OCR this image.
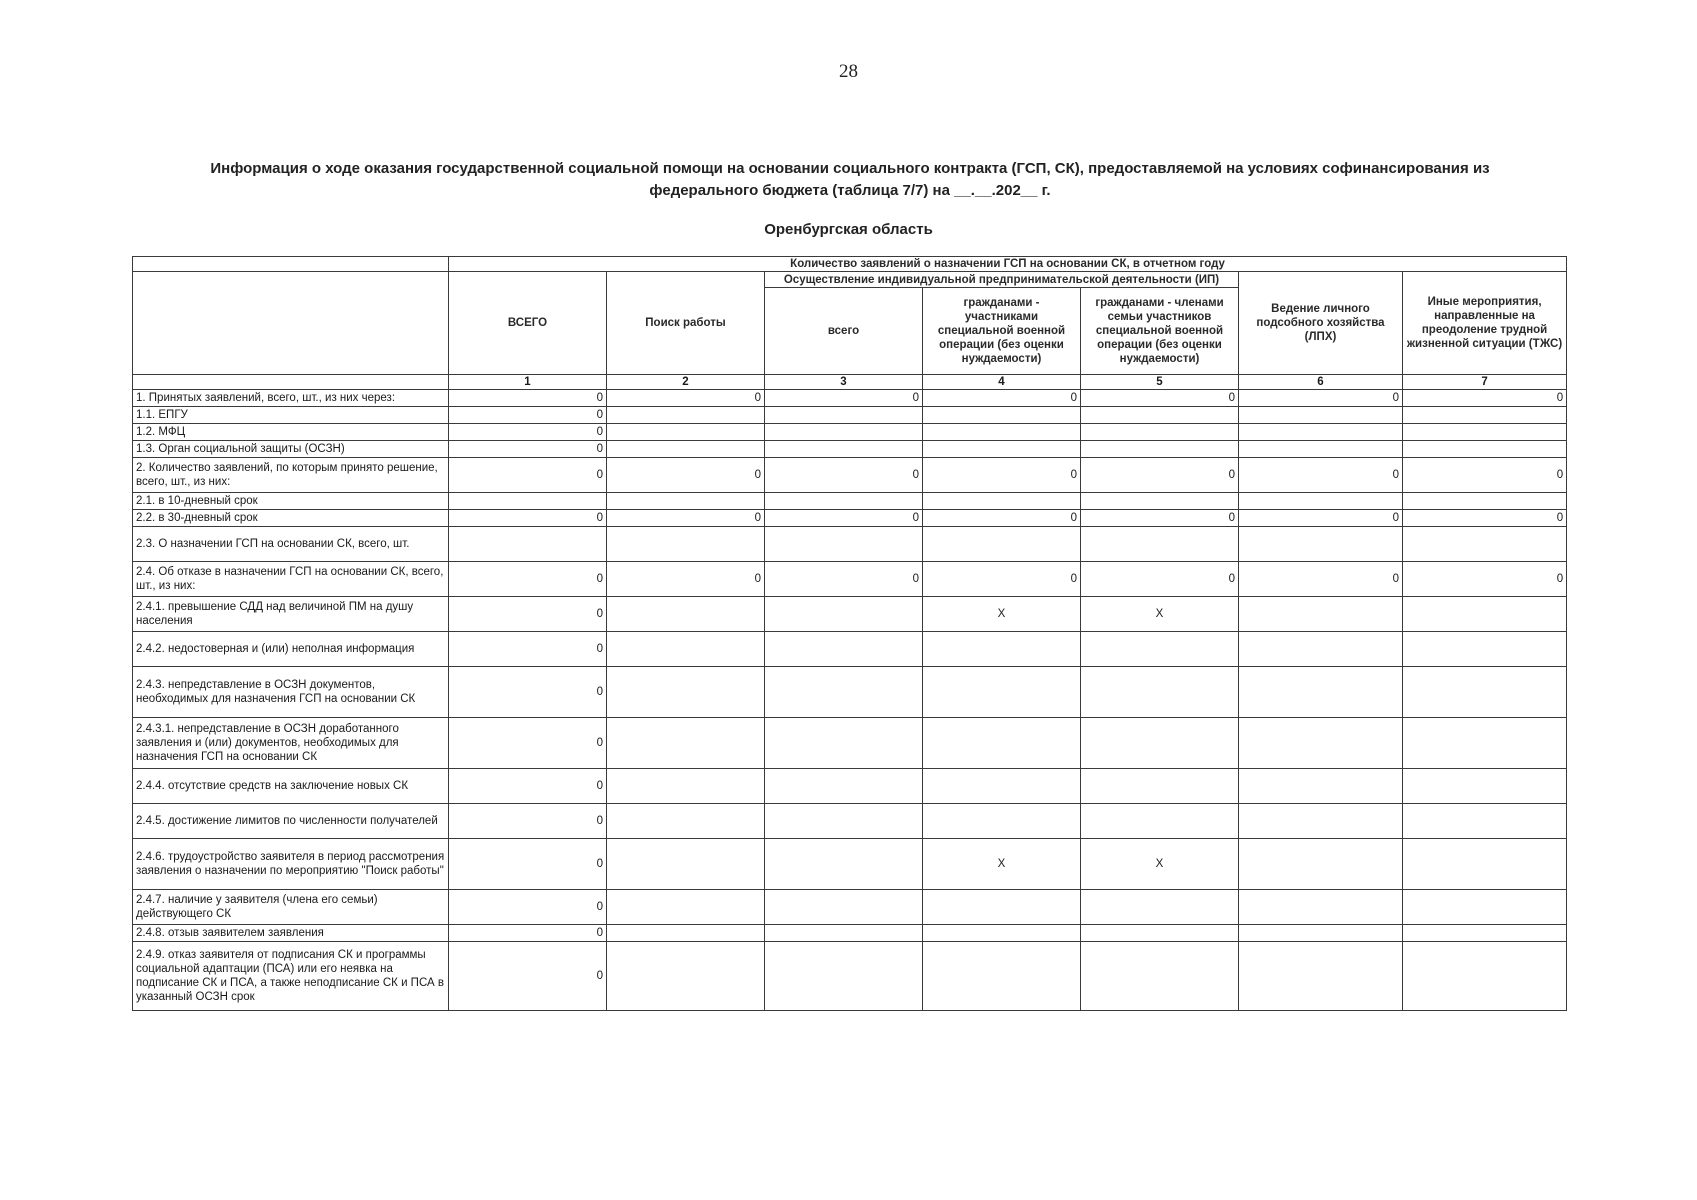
28
Информация о ходе оказания государственной социальной помощи на основании социального контракта (ГСП, СК), предоставляемой на условиях софинансирования из
федерального бюджета (таблица 7/7) на __.__.202__ г.
Оренбургская область
	Количество заявлений о назначении ГСП на основании СК, в отчетном году						
	ВСЕГО	Поиск работы	Осуществление индивидуальной предпринимательской деятельности (ИП)			Ведение личного подсобного хозяйства (ЛПХ)	Иные мероприятия, направленные на преодоление трудной жизненной ситуации (ТЖС)
			всего	гражданами - участниками специальной военной операции (без оценки нуждаемости)	гражданами - членами семьи участников специальной военной операции (без оценки нуждаемости)		
	1	2	3	4	5	6	7
1. Принятых заявлений, всего, шт., из них через:	0	0	0	0	0	0	0
1.1. ЕПГУ	0						
1.2. МФЦ	0						
1.3. Орган социальной защиты (ОСЗН)	0						
2. Количество заявлений, по которым принято решение, всего, шт., из них:	0	0	0	0	0	0	0
2.1. в 10-дневный срок							
2.2. в 30-дневный срок	0	0	0	0	0	0	0
2.3. О назначении ГСП на основании СК, всего, шт.							
2.4. Об отказе в назначении ГСП на основании СК, всего, шт., из них:	0	0	0	0	0	0	0
2.4.1. превышение СДД над величиной ПМ на душу населения	0			X	X		
2.4.2. недостоверная и (или) неполная информация	0						
2.4.3. непредставление в ОСЗН документов, необходимых для назначения ГСП на основании СК	0						
2.4.3.1. непредставление в ОСЗН доработанного заявления и (или) документов, необходимых для назначения ГСП на основании СК	0						
2.4.4. отсутствие средств на заключение новых СК	0						
2.4.5. достижение лимитов по численности получателей	0						
2.4.6. трудоустройство заявителя в период рассмотрения заявления о назначении по мероприятию "Поиск работы"	0			X	X		
2.4.7. наличие у заявителя (члена его семьи) действующего СК	0						
2.4.8. отзыв заявителем заявления	0						
2.4.9. отказ заявителя от подписания СК и программы социальной адаптации (ПСА) или его неявка на подписание СК и ПСА, а также неподписание СК и ПСА в указанный ОСЗН срок	0						
